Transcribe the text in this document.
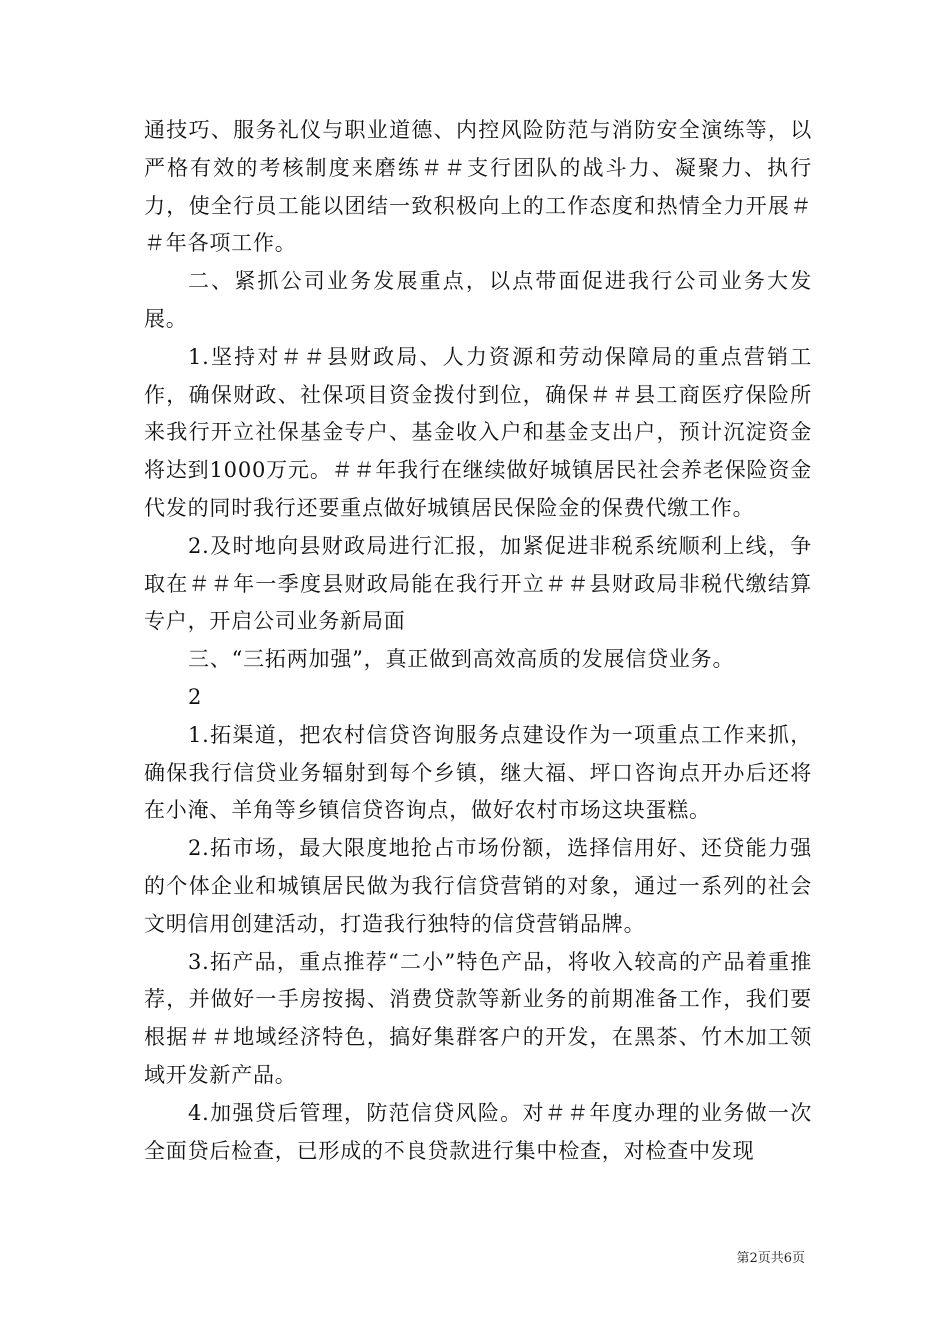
通技巧、服务礼仪与职业道德、内控风险防范与消防安全演练等，以严格有效的考核制度来磨练＃＃支行团队的战斗力、凝聚力、执行力，使全行员工能以团结一致积极向上的工作态度和热情全力开展＃＃年各项工作。

二、紧抓公司业务发展重点，以点带面促进我行公司业务大发展。

1.坚持对＃＃县财政局、人力资源和劳动保障局的重点营销工作，确保财政、社保项目资金拨付到位，确保＃＃县工商医疗保险所来我行开立社保基金专户、基金收入户和基金支出户，预计沉淀资金将达到1000万元。＃＃年我行在继续做好城镇居民社会养老保险资金代发的同时我行还要重点做好城镇居民保险金的保费代缴工作。

2.及时地向县财政局进行汇报，加紧促进非税系统顺利上线，争取在＃＃年一季度县财政局能在我行开立＃＃县财政局非税代缴结算专户，开启公司业务新局面

三、“三拓两加强”，真正做到高效高质的发展信贷业务。

2

1.拓渠道，把农村信贷咨询服务点建设作为一项重点工作来抓，确保我行信贷业务辐射到每个乡镇，继大福、坪口咨询点开办后还将在小淹、羊角等乡镇信贷咨询点，做好农村市场这块蛋糕。

2.拓市场，最大限度地抢占市场份额，选择信用好、还贷能力强的个体企业和城镇居民做为我行信贷营销的对象，通过一系列的社会文明信用创建活动，打造我行独特的信贷营销品牌。

3.拓产品，重点推荐“二小”特色产品，将收入较高的产品着重推荐，并做好一手房按揭、消费贷款等新业务的前期准备工作，我们要根据＃＃地域经济特色，搞好集群客户的开发，在黑茶、竹木加工领域开发新产品。

4.加强贷后管理，防范信贷风险。对＃＃年度办理的业务做一次全面贷后检查，已形成的不良贷款进行集中检查，对检查中发现

第2页共6页
